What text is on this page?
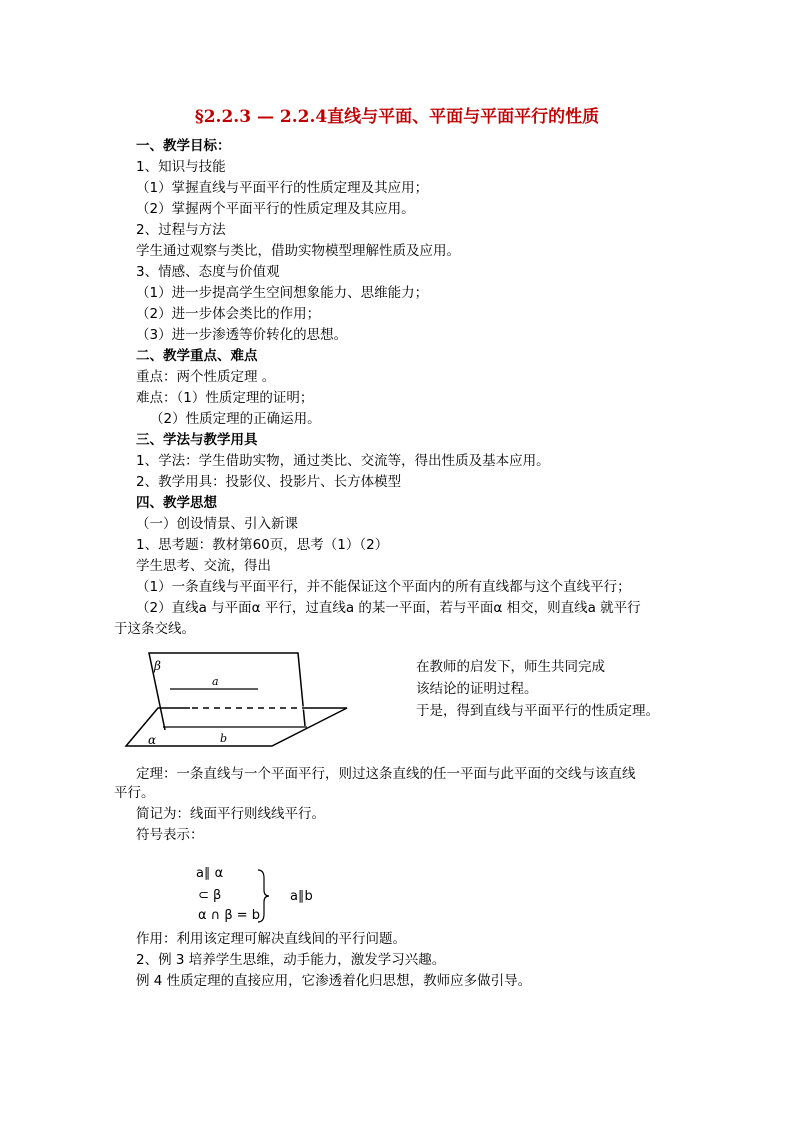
§2.2.3 — 2.2.4直线与平面、平面与平面平行的性质
一、教学目标：
1、知识与技能
（1）掌握直线与平面平行的性质定理及其应用；
（2）掌握两个平面平行的性质定理及其应用。
2、过程与方法
学生通过观察与类比，借助实物模型理解性质及应用。
3、情感、态度与价值观
（1）进一步提高学生空间想象能力、思维能力；
（2）进一步体会类比的作用；
（3）进一步渗透等价转化的思想。
二、教学重点、难点
重点：两个性质定理 。
难点：（1）性质定理的证明；
（2）性质定理的正确运用。
三、学法与教学用具
1、学法：学生借助实物，通过类比、交流等，得出性质及基本应用。
2、教学用具：投影仪、投影片、长方体模型
四、教学思想
（一）创设情景、引入新课
1、思考题：教材第60页，思考（1）（2）
学生思考、交流，得出
（1）一条直线与平面平行，并不能保证这个平面内的所有直线都与这个直线平行；
（2）直线a 与平面α 平行，过直线a 的某一平面，若与平面α 相交，则直线a 就平行
于这条交线。
β
a
α	b
在教师的启发下，师生共同完成
该结论的证明过程。
于是，得到直线与平面平行的性质定理。
定理：一条直线与一个平面平行，则过这条直线的任一平面与此平面的交线与该直线
平行。
简记为：线面平行则线线平行。
符号表示：
a∥ α
⊂ β
α ∩ β = b
a∥b
作用：利用该定理可解决直线间的平行问题。
2、例 3 培养学生思维，动手能力，激发学习兴趣。
例 4 性质定理的直接应用，它渗透着化归思想，教师应多做引导。
